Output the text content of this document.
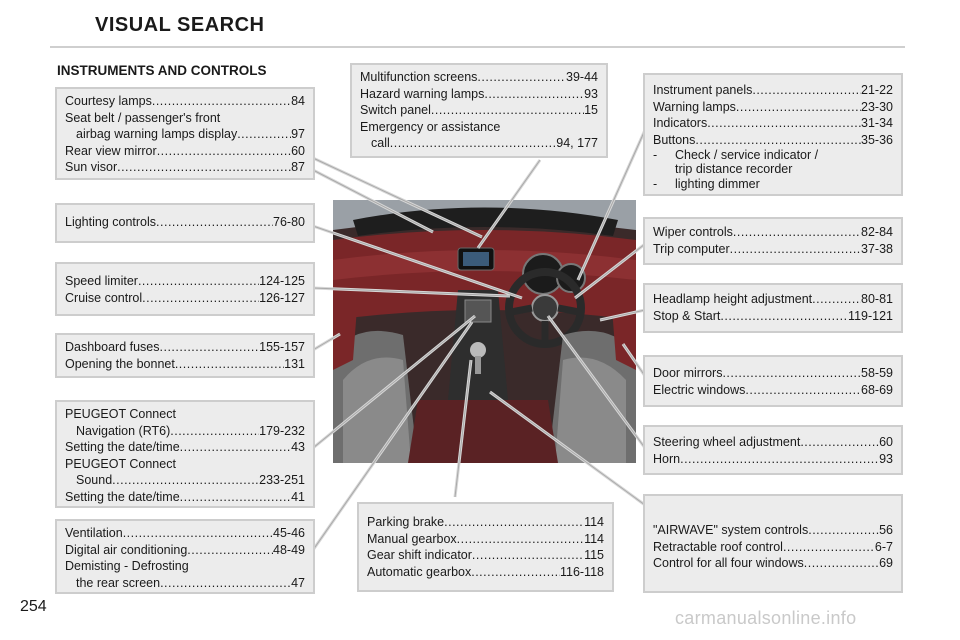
VISUAL SEARCH
INSTRUMENTS AND CONTROLS
Courtesy lamps .....	84
Seat belt / passenger's front
airbag warning lamps display .....	97
Rear view mirror .....	60
Sun visor .....	87
Lighting controls .....	76-80
Speed limiter .....	124-125
Cruise control .....	126-127
Dashboard fuses .....	155-157
Opening the bonnet .....	131
PEUGEOT Connect
Navigation (RT6) .....	179-232
Setting the date/time .....	43
PEUGEOT Connect
Sound .....	233-251
Setting the date/time .....	41
Ventilation .....	45-46
Digital air conditioning .....	48-49
Demisting - Defrosting
the rear screen .....	47
Multifunction screens .....	39-44
Hazard warning lamps .....	93
Switch panel .....	15
Emergency or assistance
call .....	94, 177
Parking brake .....	114
Manual gearbox .....	114
Gear shift indicator .....	115
Automatic gearbox .....	116-118
Instrument panels .....	21-22
Warning lamps .....	23-30
Indicators .....	31-34
Buttons .....	35-36
-	Check / service indicator /
trip distance recorder
-	lighting dimmer
Wiper controls .....	82-84
Trip computer .....	37-38
Headlamp height adjustment .....	80-81
Stop & Start .....	119-121
Door mirrors .....	58-59
Electric windows .....	68-69
Steering wheel adjustment .....	60
Horn .....	93
"AIRWAVE" system controls .....	56
Retractable roof control .....	6-7
Control for all four windows .....	69
254
carmanualsonline.info
